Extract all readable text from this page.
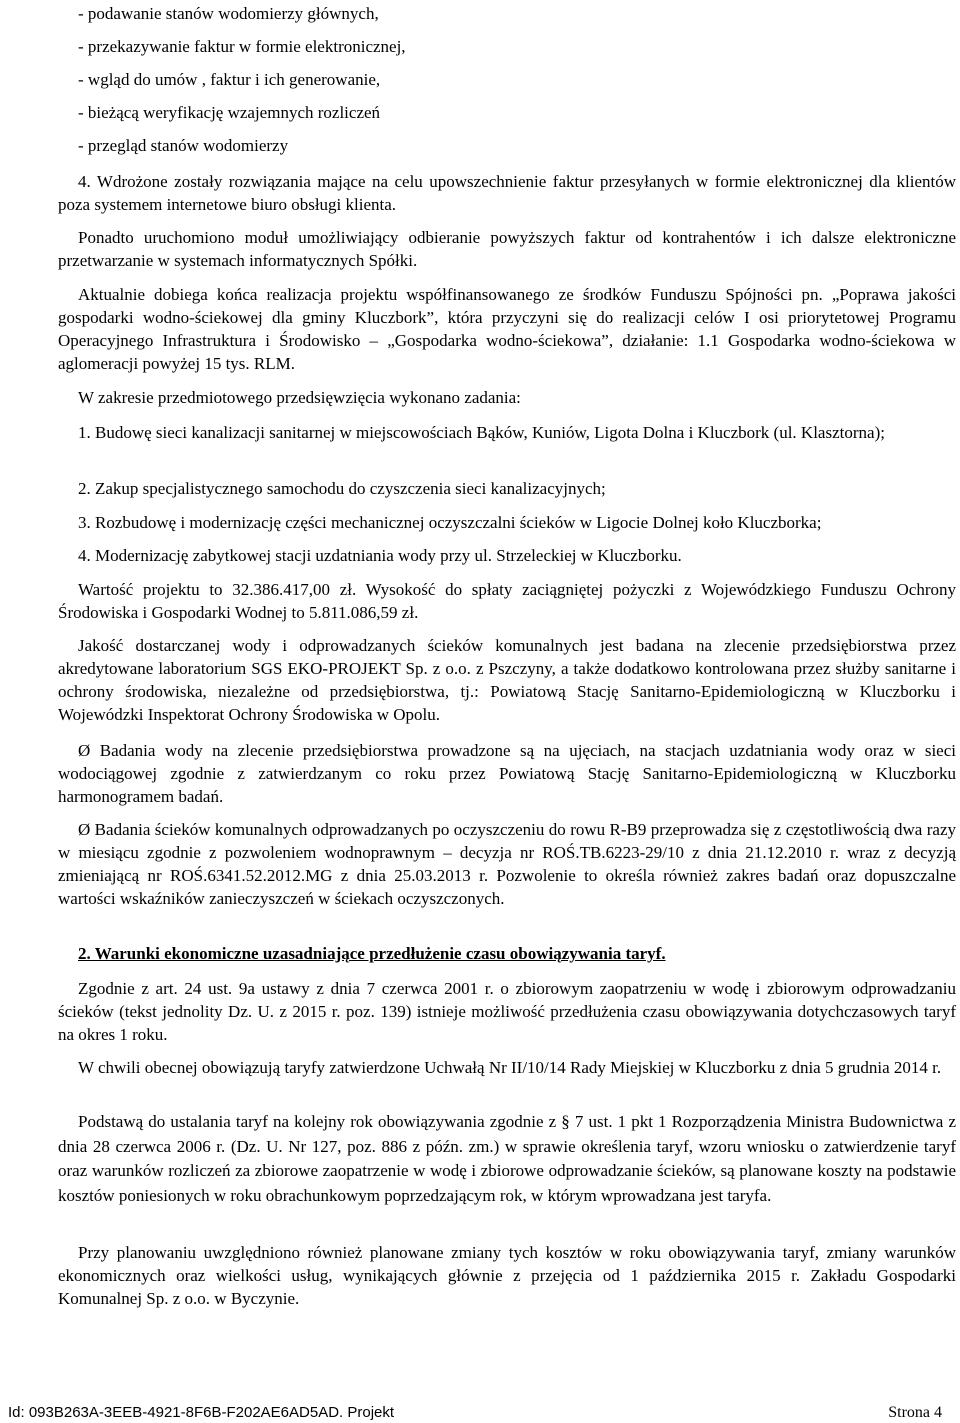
- podawanie stanów wodomierzy głównych,
- przekazywanie faktur w formie elektronicznej,
- wgląd do umów , faktur i ich generowanie,
- bieżącą weryfikację wzajemnych rozliczeń
- przegląd stanów wodomierzy

4. Wdrożone zostały rozwiązania mające na celu upowszechnienie faktur przesyłanych w formie elektronicznej dla klientów poza systemem internetowe biuro obsługi klienta.

Ponadto uruchomiono moduł umożliwiający odbieranie powyższych faktur od kontrahentów i ich dalsze elektroniczne przetwarzanie w systemach informatycznych Spółki.

Aktualnie dobiega końca realizacja projektu współfinansowanego ze środków Funduszu Spójności pn. „Poprawa jakości gospodarki wodno-ściekowej dla gminy Kluczbork”, która przyczyni się do realizacji celów I osi priorytetowej Programu Operacyjnego Infrastruktura i Środowisko – „Gospodarka wodno-ściekowa”, działanie: 1.1 Gospodarka wodno-ściekowa w aglomeracji powyżej 15 tys. RLM.

W zakresie przedmiotowego przedsięwzięcia wykonano zadania:

1. Budowę sieci kanalizacji sanitarnej w miejscowościach Bąków, Kuniów, Ligota Dolna i Kluczbork (ul. Klasztorna);

2. Zakup specjalistycznego samochodu do czyszczenia sieci kanalizacyjnych;
3. Rozbudowę i modernizację części mechanicznej oczyszczalni ścieków w Ligocie Dolnej koło Kluczborka;
4. Modernizację zabytkowej stacji uzdatniania wody przy ul. Strzeleckiej w Kluczborku.

Wartość projektu to 32.386.417,00 zł. Wysokość do spłaty zaciągniętej pożyczki z Wojewódzkiego Funduszu Ochrony Środowiska i Gospodarki Wodnej to 5.811.086,59 zł.

Jakość dostarczanej wody i odprowadzanych ścieków komunalnych jest badana na zlecenie przedsiębiorstwa przez akredytowane laboratorium SGS EKO-PROJEKT Sp. z o.o. z Pszczyny, a także dodatkowo kontrolowana przez służby sanitarne i ochrony środowiska, niezależne od przedsiębiorstwa, tj.: Powiatową Stację Sanitarno-Epidemiologiczną w Kluczborku i Wojewódzki Inspektorat Ochrony Środowiska w Opolu.

Ø Badania wody na zlecenie przedsiębiorstwa prowadzone są na ujęciach, na stacjach uzdatniania wody oraz w sieci wodociągowej zgodnie z zatwierdzanym co roku przez Powiatową Stację Sanitarno-Epidemiologiczną w Kluczborku harmonogramem badań.

Ø Badania ścieków komunalnych odprowadzanych po oczyszczeniu do rowu R-B9 przeprowadza się z częstotliwością dwa razy w miesiącu zgodnie z pozwoleniem wodnoprawnym – decyzja nr ROŚ.TB.6223-29/10 z dnia 21.12.2010 r. wraz z decyzją zmieniającą nr ROŚ.6341.52.2012.MG z dnia 25.03.2013 r. Pozwolenie to określa również zakres badań oraz dopuszczalne wartości wskaźników zanieczyszczeń w ściekach oczyszczonych.

2. Warunki ekonomiczne uzasadniające przedłużenie czasu obowiązywania taryf.

Zgodnie z art. 24 ust. 9a ustawy z dnia 7 czerwca 2001 r. o zbiorowym zaopatrzeniu w wodę i zbiorowym odprowadzaniu ścieków (tekst jednolity Dz. U. z 2015 r. poz. 139) istnieje możliwość przedłużenia czasu obowiązywania dotychczasowych taryf na okres 1 roku.

W chwili obecnej obowiązują taryfy zatwierdzone Uchwałą Nr II/10/14 Rady Miejskiej w Kluczborku z dnia 5 grudnia 2014 r.

Podstawą do ustalania taryf na kolejny rok obowiązywania zgodnie z § 7 ust. 1 pkt 1 Rozporządzenia Ministra Budownictwa z dnia 28 czerwca 2006 r. (Dz. U. Nr 127, poz. 886 z późn. zm.) w sprawie określenia taryf, wzoru wniosku o zatwierdzenie taryf oraz warunków rozliczeń za zbiorowe zaopatrzenie w wodę i zbiorowe odprowadzanie ścieków, są planowane koszty na podstawie kosztów poniesionych w roku obrachunkowym poprzedzającym rok, w którym wprowadzana jest taryfa.

Przy planowaniu uwzględniono również planowane zmiany tych kosztów w roku obowiązywania taryf, zmiany warunków ekonomicznych oraz wielkości usług, wynikających głównie z przejęcia od 1 października 2015 r. Zakładu Gospodarki Komunalnej Sp. z o.o. w Byczynie.

Id: 093B263A-3EEB-4921-8F6B-F202AE6AD5AD. Projekt	Strona 4
